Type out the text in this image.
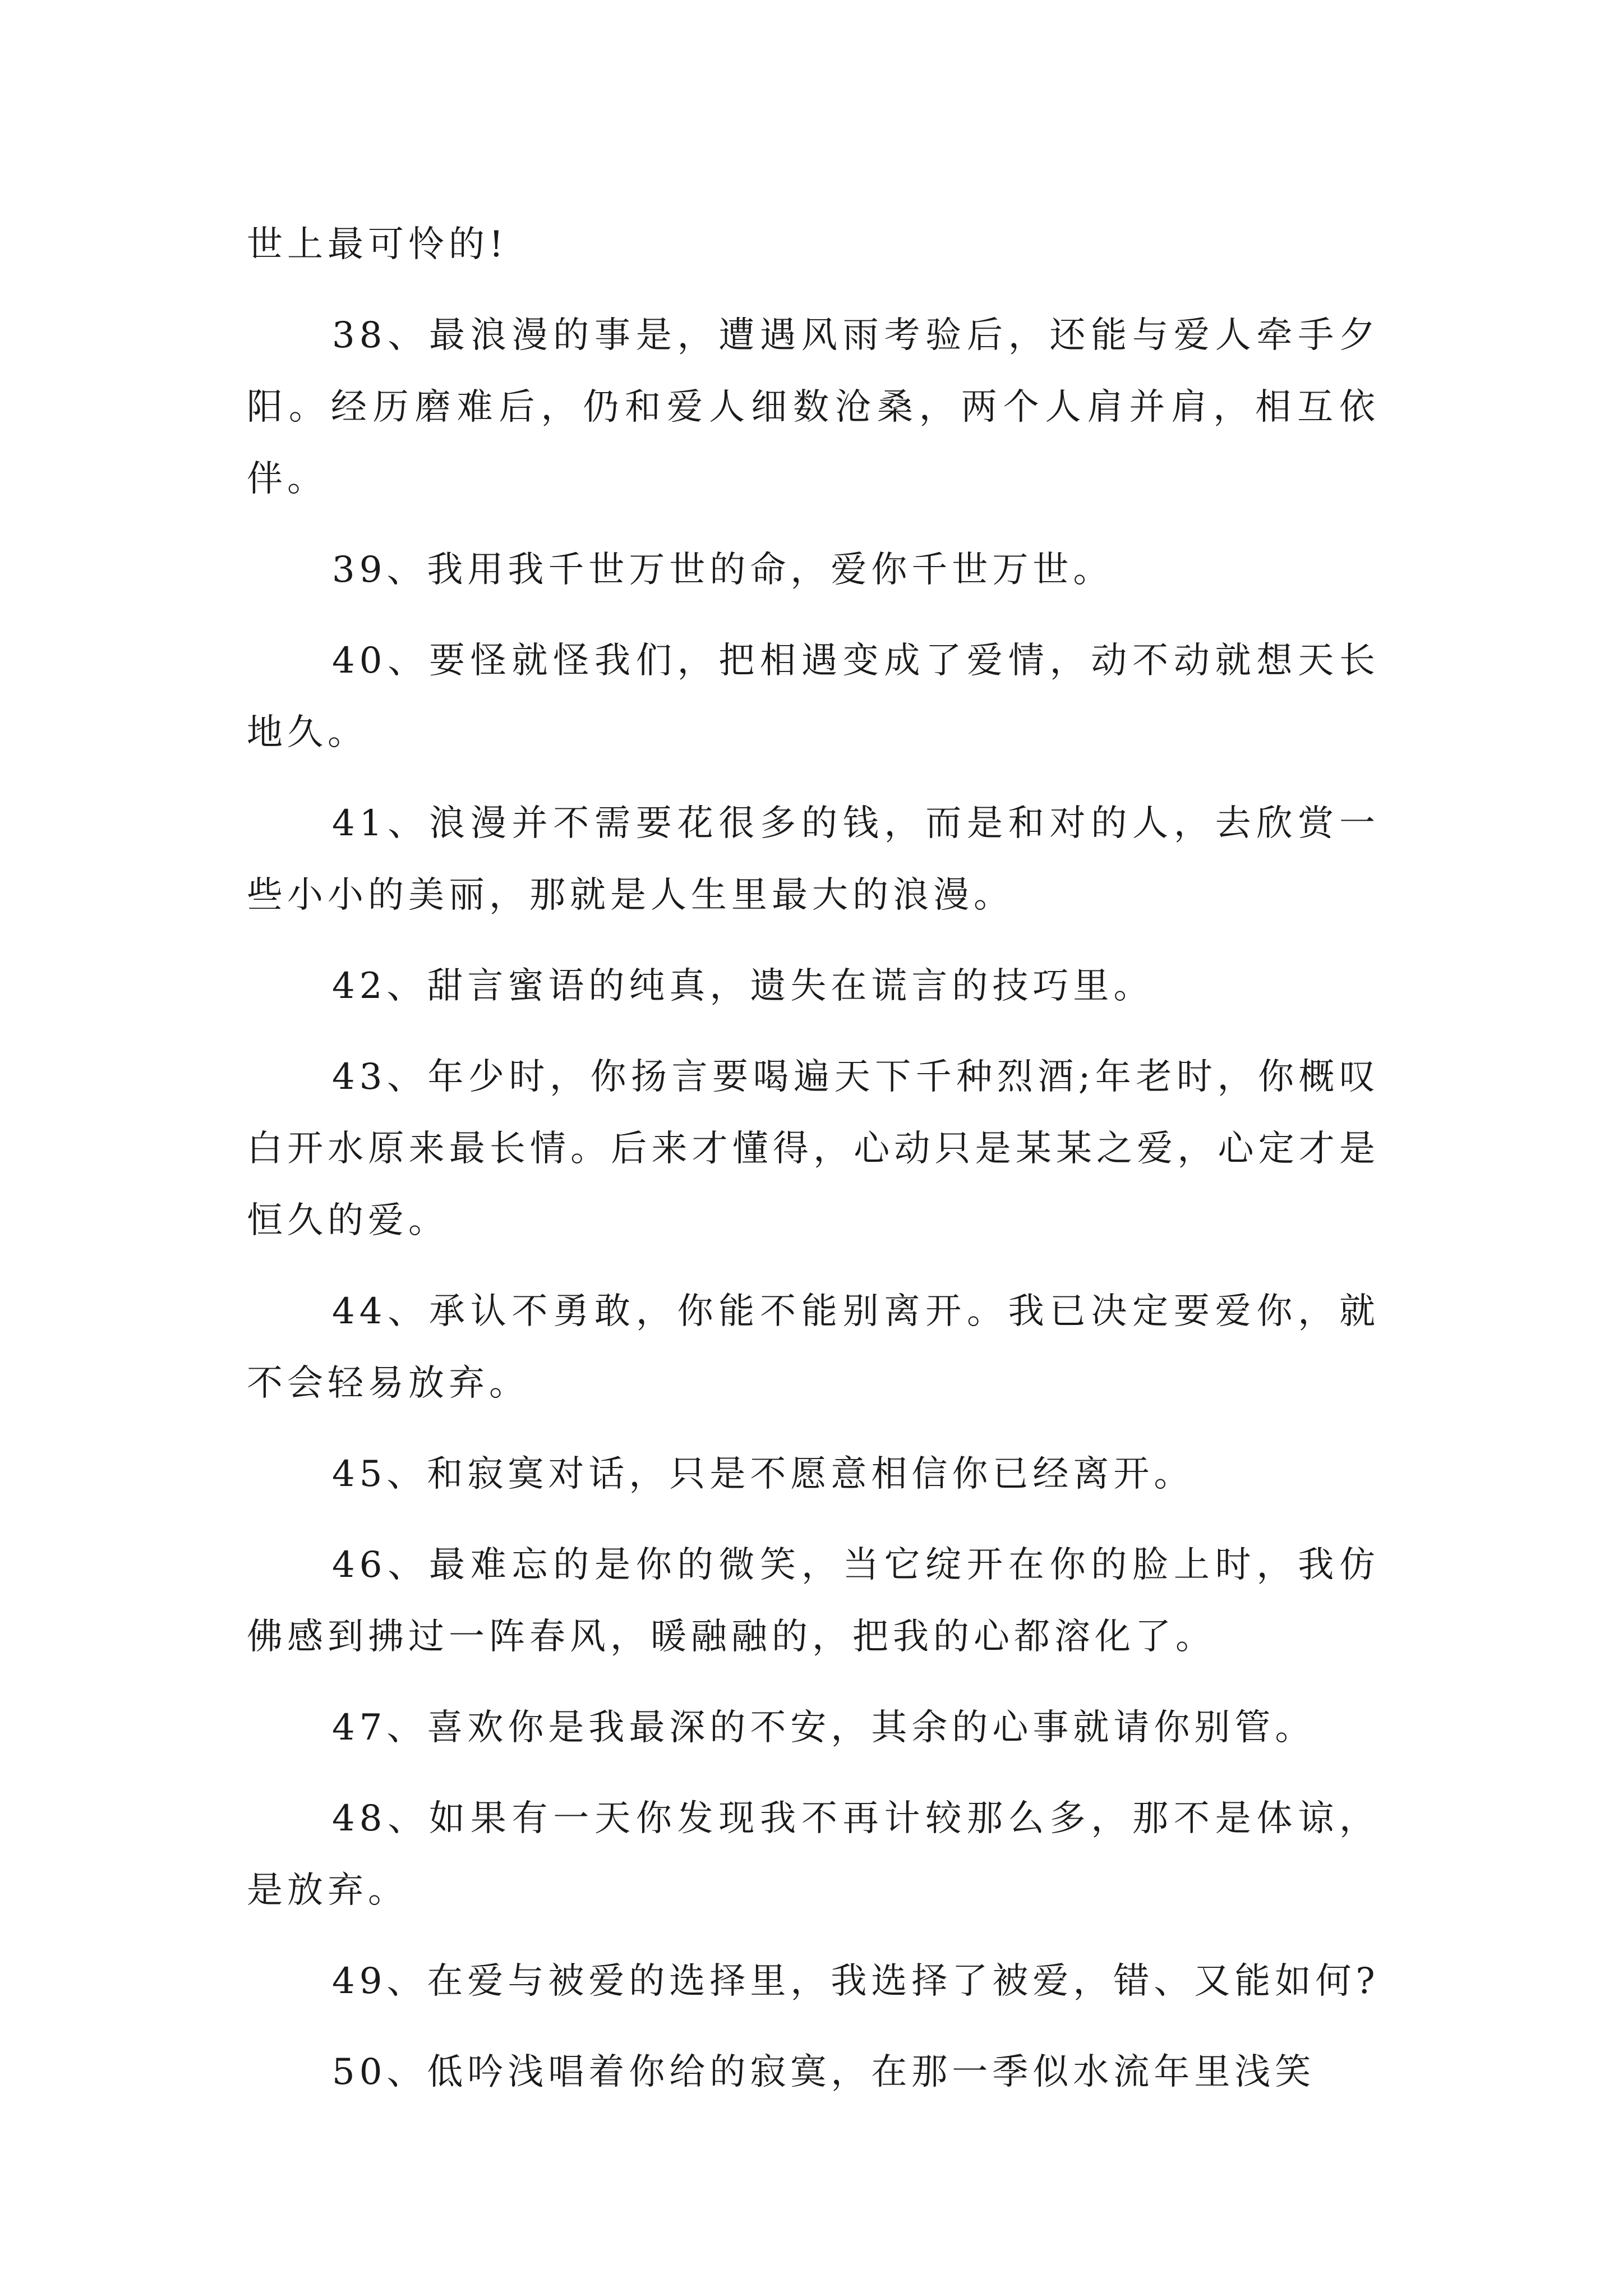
世上最可怜的!

38、最浪漫的事是，遭遇风雨考验后，还能与爱人牵手夕阳。经历磨难后，仍和爱人细数沧桑，两个人肩并肩，相互依伴。

39、我用我千世万世的命，爱你千世万世。

40、要怪就怪我们，把相遇变成了爱情，动不动就想天长地久。

41、浪漫并不需要花很多的钱，而是和对的人，去欣赏一些小小的美丽，那就是人生里最大的浪漫。

42、甜言蜜语的纯真，遗失在谎言的技巧里。

43、年少时，你扬言要喝遍天下千种烈酒;年老时，你概叹白开水原来最长情。后来才懂得，心动只是某某之爱，心定才是恒久的爱。

44、承认不勇敢，你能不能别离开。我已决定要爱你，就不会轻易放弃。

45、和寂寞对话，只是不愿意相信你已经离开。

46、最难忘的是你的微笑，当它绽开在你的脸上时，我仿佛感到拂过一阵春风，暖融融的，把我的心都溶化了。

47、喜欢你是我最深的不安，其余的心事就请你别管。

48、如果有一天你发现我不再计较那么多，那不是体谅，是放弃。

49、在爱与被爱的选择里，我选择了被爱，错、又能如何?

50、低吟浅唱着你给的寂寞，在那一季似水流年里浅笑
